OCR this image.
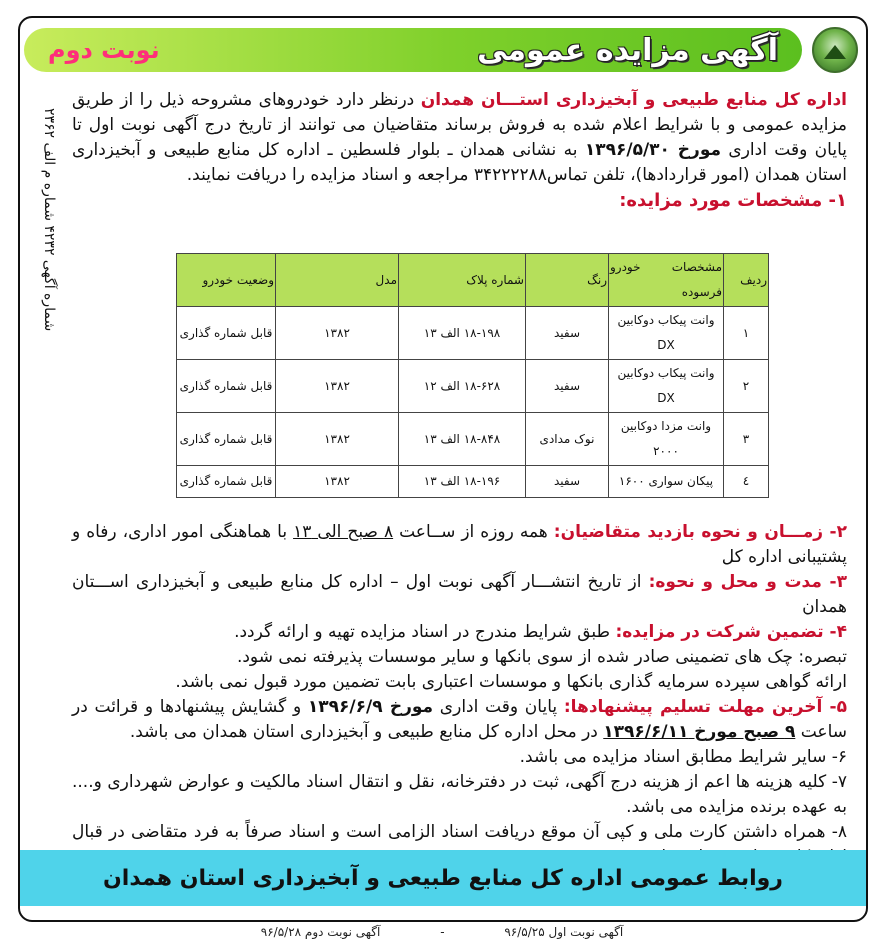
آگهی مزایده عمومی
نوبت دوم
شماره آگهی ۴۲۳۲ شماره م الف ۲۳۶۲

اداره کل منابع طبیعی و آبخیزداری استـــان همدان درنظر دارد خودروهای مشروحه ذیل را از طریق مزایده عمومی و با شرایط اعلام شده به فروش برساند متقاضیان می توانند از تاریخ درج آگهی نوبت اول تا پایان وقت اداری مورخ ۱۳۹۶/۵/۳۰ به نشانی همدان ـ بلوار فلسطین ـ اداره کل منابع طبیعی و آبخیزداری استان همدان (امور قراردادها)، تلفن تماس۳۴۲۲۲۲۸۸ مراجعه و اسناد مزایده را دریافت نمایند.

۱- مشخصات مورد مزایده:

ردیف	مشخصات خودرو فرسوده	رنگ	شماره پلاک	مدل	وضعیت خودرو
۱	وانت پیکاب دوکابین DX	سفید	۱۸-۱۹۸ الف ۱۳	۱۳۸۲	قابل شماره گذاری
۲	وانت پیکاب دوکابین DX	سفید	۱۸-۶۲۸ الف ۱۲	۱۳۸۲	قابل شماره گذاری
۳	وانت مزدا دوکابین ۲۰۰۰	نوک مدادی	۱۸-۸۴۸ الف ۱۳	۱۳۸۲	قابل شماره گذاری
٤	پیکان سواری ۱۶۰۰	سفید	۱۸-۱۹۶ الف ۱۳	۱۳۸۲	قابل شماره گذاری

۲- زمـــان و نحوه بازدید متقاضیان: همه روزه از ســاعت ۸ صبح الی ۱۳ با هماهنگی امور اداری، رفاه و پشتیبانی اداره کل

۳- مدت و محل و نحوه: از تاریخ انتشـــار آگهی نوبت اول – اداره کل منابع طبیعی و آبخیزداری اســـتان همدان

۴- تضمین شرکت در مزایده: طبق شرایط مندرج در اسناد مزایده تهیه و ارائه گردد.

تبصره: چک های تضمینی صادر شده از سوی بانکها و سایر موسسات پذیرفته نمی شود.

ارائه گواهی سپرده سرمایه گذاری بانکها و موسسات اعتباری بابت تضمین مورد قبول نمی باشد.

۵- آخرین مهلت تسلیم پیشنهادها: پایان وقت اداری مورخ ۱۳۹۶/۶/۹ و گشایش پیشنهادها و قرائت در ساعت ۹ صبح مورخ ۱۳۹۶/۶/۱۱ در محل اداره کل منابع طبیعی و آبخیزداری استان همدان می باشد.

۶- سایر شرایط مطابق اسناد مزایده می باشد.

۷- کلیه هزینه ها اعم از هزینه درج آگهی، ثبت در دفترخانه، نقل و انتقال اسناد مالکیت و عوارض شهرداری و.... به عهده برنده مزایده می باشد.

۸- همراه داشتن کارت ملی و کپی آن موقع دریافت اسناد الزامی است و اسناد صرفاً به فرد متقاضی در قبال

روابط عمومی اداره کل منابع طبیعی و آبخیزداری استان همدان
آگهی نوبت اول ۹۶/۵/۲۵ - آگهی نوبت دوم ۹۶/۵/۲۸
